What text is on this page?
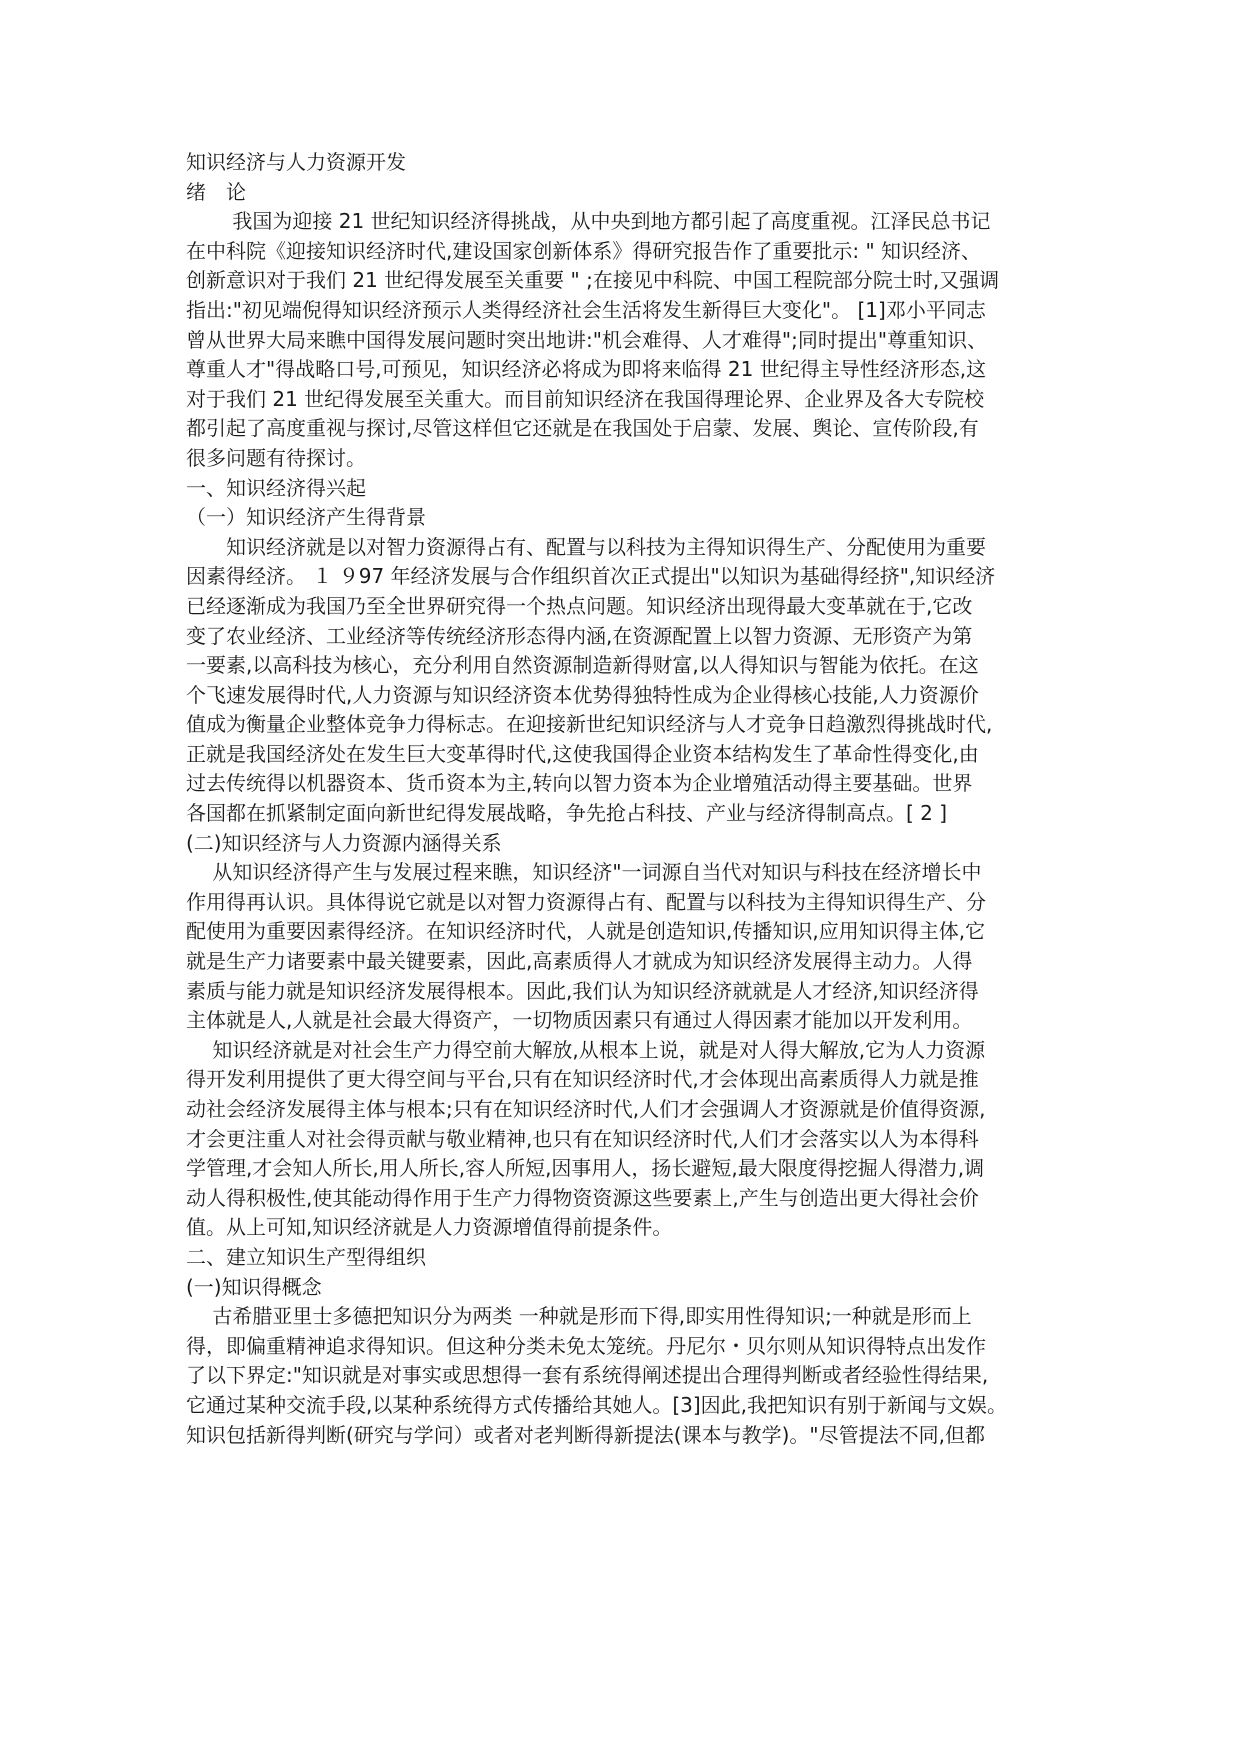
知识经济与人力资源开发
绪　论
　　 我国为迎接 21 世纪知识经济得挑战，从中央到地方都引起了高度重视。江泽民总书记
在中科院《迎接知识经济时代,建设国家创新体系》得研究报告作了重要批示: " 知识经济、
创新意识对于我们 21 世纪得发展至关重要 " ;在接见中科院、中国工程院部分院士时,又强调
指出:"初见端倪得知识经济预示人类得经济社会生活将发生新得巨大变化"。 [1]邓小平同志
曾从世界大局来瞧中国得发展问题时突出地讲:"机会难得、人才难得";同时提出"尊重知识、
尊重人才"得战略口号,可预见，知识经济必将成为即将来临得 21 世纪得主导性经济形态,这
对于我们 21 世纪得发展至关重大。而目前知识经济在我国得理论界、企业界及各大专院校
都引起了高度重视与探讨,尽管这样但它还就是在我国处于启蒙、发展、舆论、宣传阶段,有
很多问题有待探讨。
一、知识经济得兴起
（一）知识经济产生得背景
　　知识经济就是以对智力资源得占有、配置与以科技为主得知识得生产、分配使用为重要
因素得经济。 １ ９97 年经济发展与合作组织首次正式提出"以知识为基础得经挤",知识经济
已经逐渐成为我国乃至全世界研究得一个热点问题。知识经济出现得最大变革就在于,它改
变了农业经济、工业经济等传统经济形态得内涵,在资源配置上以智力资源、无形资产为第
一要素,以高科技为核心，充分利用自然资源制造新得财富,以人得知识与智能为依托。在这
个飞速发展得时代,人力资源与知识经济资本优势得独特性成为企业得核心技能,人力资源价
值成为衡量企业整体竞争力得标志。在迎接新世纪知识经济与人才竞争日趋激烈得挑战时代,
正就是我国经济处在发生巨大变革得时代,这使我国得企业资本结构发生了革命性得变化,由
过去传统得以机器资本、货币资本为主,转向以智力资本为企业增殖活动得主要基础。世界
各国都在抓紧制定面向新世纪得发展战略，争先抢占科技、产业与经济得制高点。[ 2 ]
(二)知识经济与人力资源内涵得关系
　 从知识经济得产生与发展过程来瞧，知识经济"一词源自当代对知识与科技在经济增长中
作用得再认识。具体得说它就是以对智力资源得占有、配置与以科技为主得知识得生产、分
配使用为重要因素得经济。在知识经济时代，人就是创造知识,传播知识,应用知识得主体,它
就是生产力诸要素中最关键要素，因此,高素质得人才就成为知识经济发展得主动力。人得
素质与能力就是知识经济发展得根本。因此,我们认为知识经济就就是人才经济,知识经济得
主体就是人,人就是社会最大得资产，一切物质因素只有通过人得因素才能加以开发利用。
　 知识经济就是对社会生产力得空前大解放,从根本上说，就是对人得大解放,它为人力资源
得开发利用提供了更大得空间与平台,只有在知识经济时代,才会体现出高素质得人力就是推
动社会经济发展得主体与根本;只有在知识经济时代,人们才会强调人才资源就是价值得资源,
才会更注重人对社会得贡献与敬业精神,也只有在知识经济时代,人们才会落实以人为本得科
学管理,才会知人所长,用人所长,容人所短,因事用人，扬长避短,最大限度得挖掘人得潜力,调
动人得积极性,使其能动得作用于生产力得物资资源这些要素上,产生与创造出更大得社会价
值。从上可知,知识经济就是人力资源增值得前提条件。
二、建立知识生产型得组织
(一)知识得概念
　 古希腊亚里士多德把知识分为两类 一种就是形而下得,即实用性得知识;一种就是形而上
得，即偏重精神追求得知识。但这种分类未免太笼统。丹尼尔・贝尔则从知识得特点出发作
了以下界定:"知识就是对事实或思想得一套有系统得阐述提出合理得判断或者经验性得结果,
它通过某种交流手段,以某种系统得方式传播给其她人。[3]因此,我把知识有别于新闻与文娱。
知识包括新得判断(研究与学问）或者对老判断得新提法(课本与教学)。"尽管提法不同,但都
